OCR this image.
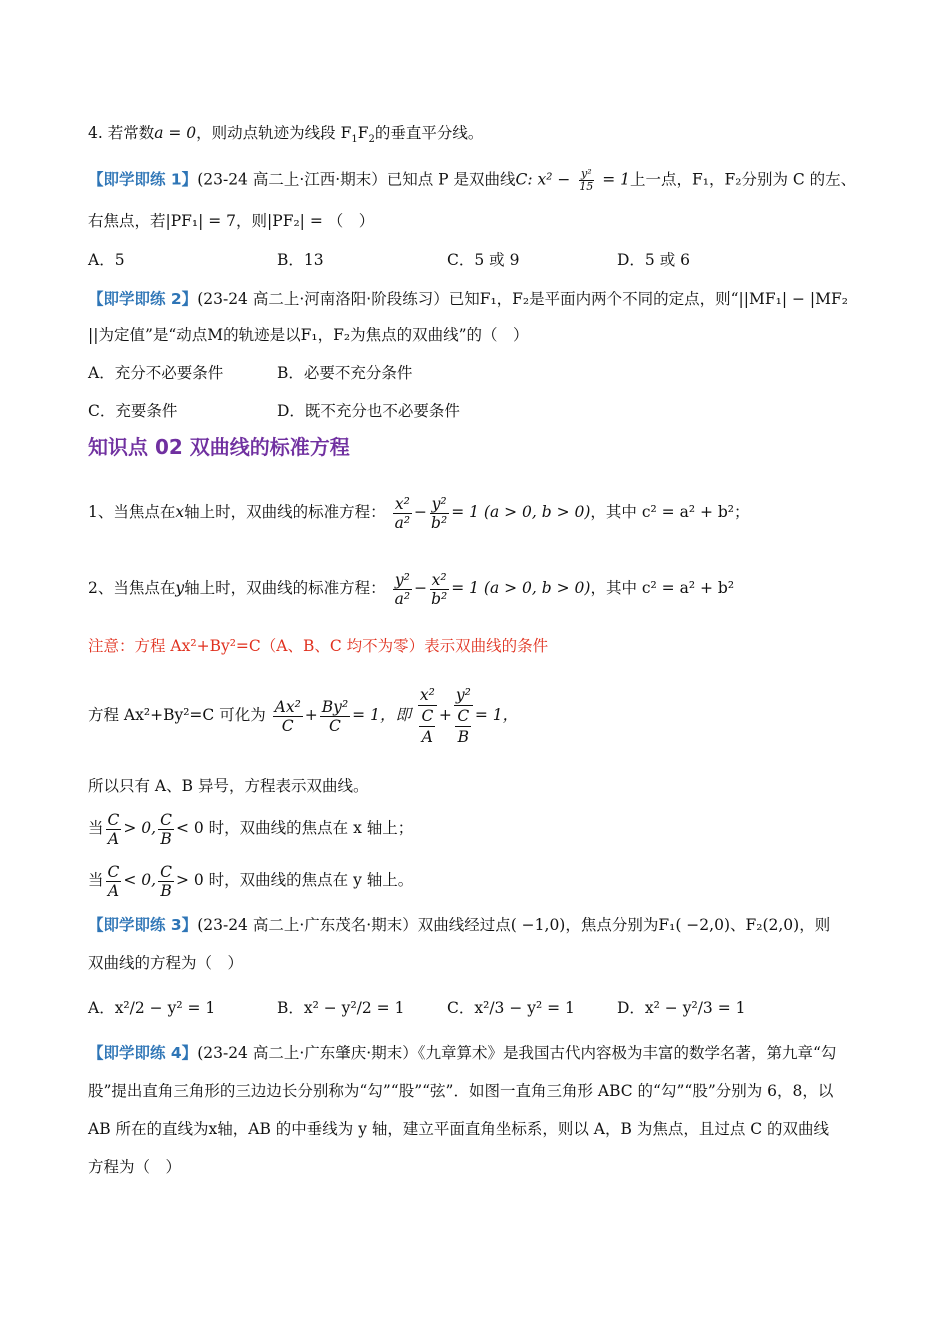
4. 若常数a = 0，则动点轨迹为线段 $F_1F_2$的垂直平分线。
【即学即练 1】(23-24 高二上·江西·期末）已知点 P 是双曲线C: $x^2 - \frac{\text{y²}}{15} = 1$上一点，F₁，F₂分别为 C 的左、
右焦点，若|PF₁| = 7，则|PF₂| = （　）
A．5	B．13	C．5 或 9	D．5 或 6
【即学即练 2】(23-24 高二上·河南洛阳·阶段练习）已知F₁，F₂是平面内两个不同的定点，则“||MF₁| − |MF₂
||为定值”是“动点M的轨迹是以F₁，F₂为焦点的双曲线”的（　）
A．充分不必要条件	B．必要不充分条件
C．充要条件	D．既不充分也不必要条件
知识点 02 双曲线的标准方程
1、当焦点在x轴上时，双曲线的标准方程： $\frac{\text{x²}}{\text{a²}} - \frac{\text{y²}}{\text{b²}} = 1$ (a > 0, b > 0)，其中 c² = a² + b²；
2、当焦点在y轴上时，双曲线的标准方程： $\frac{\text{y²}}{\text{a²}} - \frac{\text{x²}}{\text{b²}} = 1$ (a > 0, b > 0)，其中 c² = a² + b²
注意：方程 Ax²+By²=C（A、B、C 均不为零）表示双曲线的条件
方程 Ax²+By²=C 可化为 $\frac{\text{Ax²}}{C} + \frac{\text{By²}}{C} = 1$，即 $\frac{\text{x²}}{\frac{C}{A}} + \frac{\text{y²}}{\frac{C}{B}} = 1$，
所以只有 A、B 异号，方程表示双曲线。
当 $\frac{C}{A} > 0$, $\frac{C}{B} < 0$ 时，双曲线的焦点在 x 轴上；
当 $\frac{C}{A} < 0$, $\frac{C}{B} > 0$ 时，双曲线的焦点在 y 轴上。
【即学即练 3】(23-24 高二上·广东茂名·期末）双曲线经过点( −1,0)，焦点分别为F₁( −2,0)、F₂(2,0)，则
双曲线的方程为（　）
A．x²/2 − y² = 1	B．x² − y²/2 = 1	C．x²/3 − y² = 1	D．x² − y²/3 = 1
【即学即练 4】(23-24 高二上·广东肇庆·期末）《九章算术》是我国古代内容极为丰富的数学名著，第九章“勾
股”提出直角三角形的三边边长分别称为“勾”“股”“弦”．如图一直角三角形 ABC 的“勾”“股”分别为 6，8，以
AB 所在的直线为x轴，AB 的中垂线为 y 轴，建立平面直角坐标系，则以 A，B 为焦点，且过点 C 的双曲线
方程为（　）
